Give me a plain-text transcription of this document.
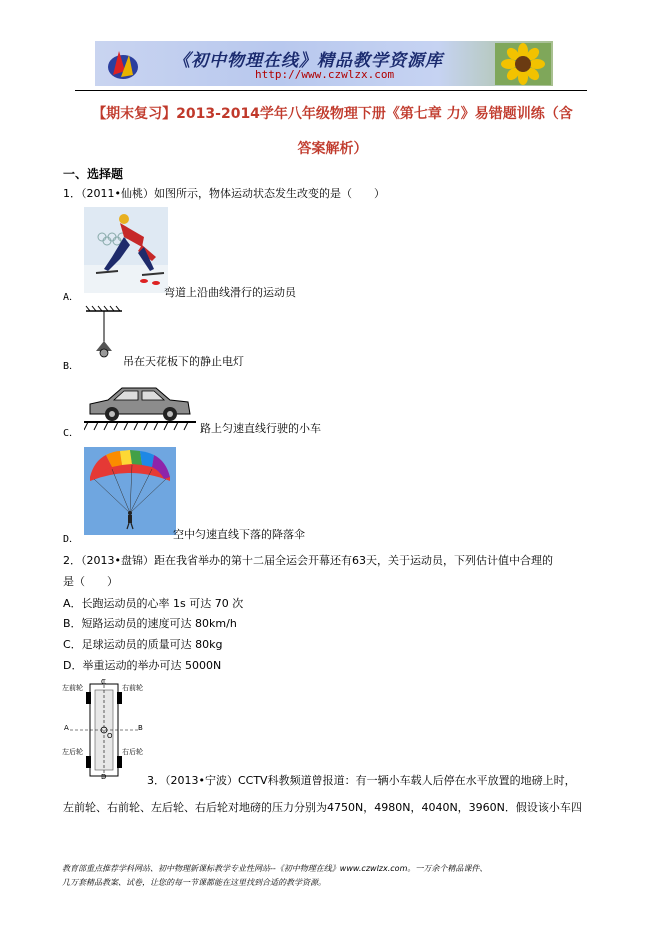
《初中物理在线》精品教学资源库
http://www.czwlzx.com
【期末复习】2013-2014学年八年级物理下册《第七章 力》易错题训练（含
答案解析）
一、选择题
1．（2011•仙桃）如图所示，物体运动状态发生改变的是（　　）
A．	弯道上沿曲线滑行的运动员
B．	吊在天花板下的静止电灯
C．	路上匀速直线行驶的小车
D．	空中匀速直线下落的降落伞
2．（2013•盘锦）距在我省举办的第十二届全运会开幕还有63天，关于运动员，下列估计值中合理的
是（　　）
A．长跑运动员的心率 1s 可达 70 次
B．短路运动员的速度可达 80km/h
C．足球运动员的质量可达 80kg
D．举重运动的举办可达 5000N
左前轮	右前轮
左后轮	右后轮
C
A	B
O
D	3．（2013•宁波）CCTV科教频道曾报道：有一辆小车载人后停在水平放置的地磅上时，
左前轮、右前轮、左后轮、右后轮对地磅的压力分别为4750N，4980N，4040N，3960N．假设该小车四
教育部重点推荐学科网站、初中物理新课标教学专业性网站--《初中物理在线》www.czwlzx.com。一万余个精品课件、
几万套精品教案、试卷，让您的每一节课都能在这里找到合适的教学资源。
